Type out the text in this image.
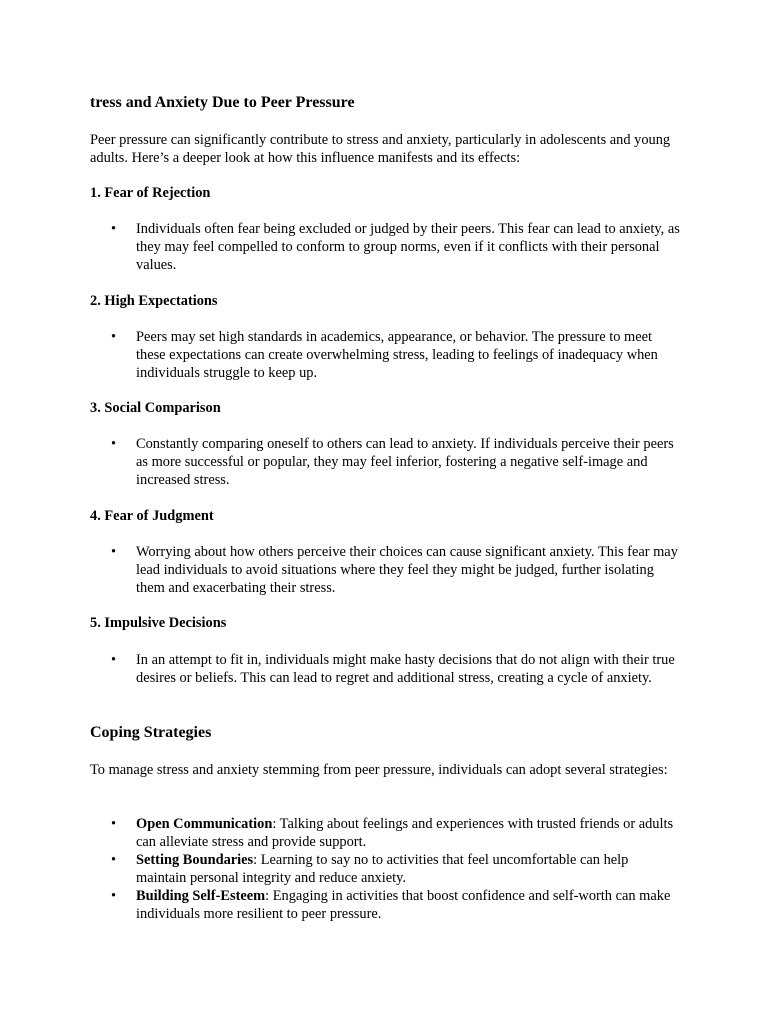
tress and Anxiety Due to Peer Pressure

Peer pressure can significantly contribute to stress and anxiety, particularly in adolescents and young adults. Here’s a deeper look at how this influence manifests and its effects:

1. Fear of Rejection
• Individuals often fear being excluded or judged by their peers. This fear can lead to anxiety, as they may feel compelled to conform to group norms, even if it conflicts with their personal values.

2. High Expectations
• Peers may set high standards in academics, appearance, or behavior. The pressure to meet these expectations can create overwhelming stress, leading to feelings of inadequacy when individuals struggle to keep up.

3. Social Comparison
• Constantly comparing oneself to others can lead to anxiety. If individuals perceive their peers as more successful or popular, they may feel inferior, fostering a negative self-image and increased stress.

4. Fear of Judgment
• Worrying about how others perceive their choices can cause significant anxiety. This fear may lead individuals to avoid situations where they feel they might be judged, further isolating them and exacerbating their stress.

5. Impulsive Decisions
• In an attempt to fit in, individuals might make hasty decisions that do not align with their true desires or beliefs. This can lead to regret and additional stress, creating a cycle of anxiety.

Coping Strategies

To manage stress and anxiety stemming from peer pressure, individuals can adopt several strategies:

• Open Communication: Talking about feelings and experiences with trusted friends or adults can alleviate stress and provide support.

• Setting Boundaries: Learning to say no to activities that feel uncomfortable can help maintain personal integrity and reduce anxiety.

• Building Self-Esteem: Engaging in activities that boost confidence and self-worth can make individuals more resilient to peer pressure.
